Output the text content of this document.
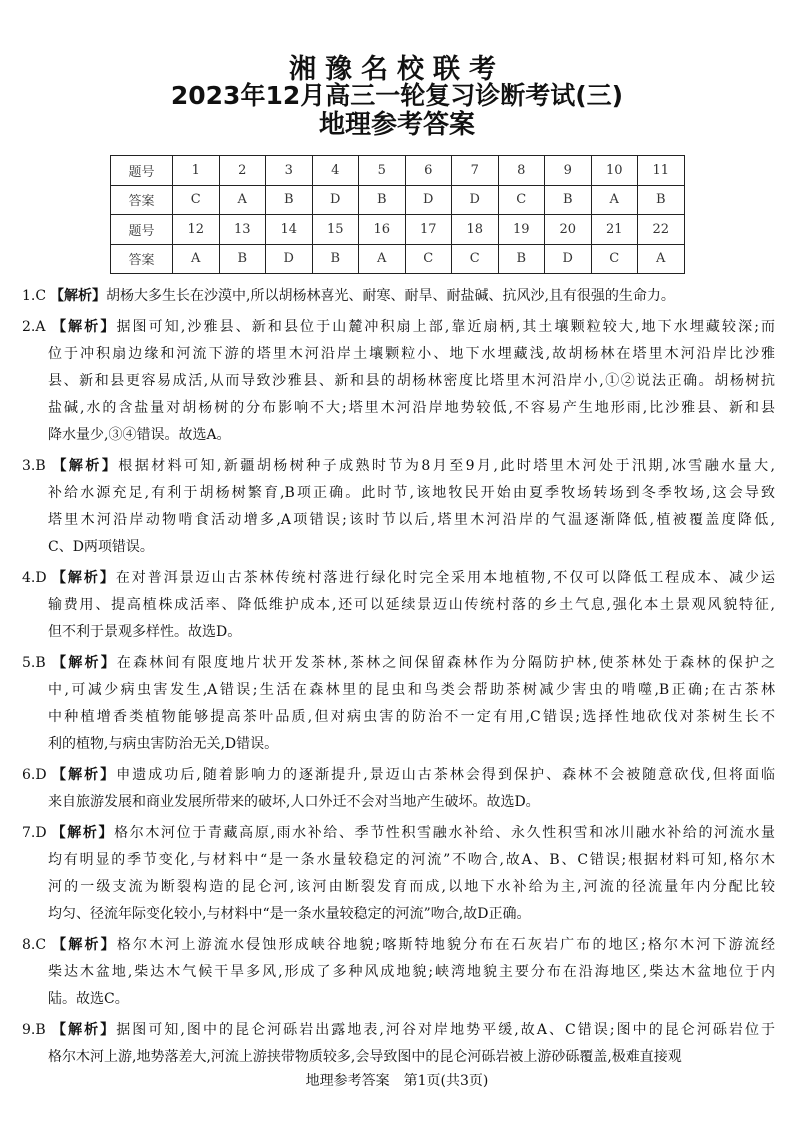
湘豫名校联考
2023年12月高三一轮复习诊断考试(三)
地理参考答案
题号	1	2	3	4	5	6	7	8	9	10	11
答案	C	A	B	D	B	D	D	C	B	A	B
题号	12	13	14	15	16	17	18	19	20	21	22
答案	A	B	D	B	A	C	C	B	D	C	A
1.C 【解析】胡杨大多生长在沙漠中,所以胡杨林喜光、耐寒、耐旱、耐盐碱、抗风沙,且有很强的生命力。
2.A 【解析】据图可知,沙雅县、新和县位于山麓冲积扇上部,靠近扇柄,其土壤颗粒较大,地下水埋藏较深;而
位于冲积扇边缘和河流下游的塔里木河沿岸土壤颗粒小、地下水埋藏浅,故胡杨林在塔里木河沿岸比沙雅
县、新和县更容易成活,从而导致沙雅县、新和县的胡杨林密度比塔里木河沿岸小,①②说法正确。胡杨树抗
盐碱,水的含盐量对胡杨树的分布影响不大;塔里木河沿岸地势较低,不容易产生地形雨,比沙雅县、新和县
降水量少,③④错误。故选A。
3.B 【解析】根据材料可知,新疆胡杨树种子成熟时节为8月至9月,此时塔里木河处于汛期,冰雪融水量大,
补给水源充足,有利于胡杨树繁育,B项正确。此时节,该地牧民开始由夏季牧场转场到冬季牧场,这会导致
塔里木河沿岸动物啃食活动增多,A项错误;该时节以后,塔里木河沿岸的气温逐渐降低,植被覆盖度降低,
C、D两项错误。
4.D 【解析】在对普洱景迈山古茶林传统村落进行绿化时完全采用本地植物,不仅可以降低工程成本、减少运
输费用、提高植株成活率、降低维护成本,还可以延续景迈山传统村落的乡土气息,强化本土景观风貌特征,
但不利于景观多样性。故选D。
5.B 【解析】在森林间有限度地片状开发茶林,茶林之间保留森林作为分隔防护林,使茶林处于森林的保护之
中,可减少病虫害发生,A错误;生活在森林里的昆虫和鸟类会帮助茶树减少害虫的啃噬,B正确;在古茶林
中种植增香类植物能够提高茶叶品质,但对病虫害的防治不一定有用,C错误;选择性地砍伐对茶树生长不
利的植物,与病虫害防治无关,D错误。
6.D 【解析】申遗成功后,随着影响力的逐渐提升,景迈山古茶林会得到保护、森林不会被随意砍伐,但将面临
来自旅游发展和商业发展所带来的破坏,人口外迁不会对当地产生破坏。故选D。
7.D 【解析】格尔木河位于青藏高原,雨水补给、季节性积雪融水补给、永久性积雪和冰川融水补给的河流水量
均有明显的季节变化,与材料中“是一条水量较稳定的河流”不吻合,故A、B、C错误;根据材料可知,格尔木
河的一级支流为断裂构造的昆仑河,该河由断裂发育而成,以地下水补给为主,河流的径流量年内分配比较
均匀、径流年际变化较小,与材料中“是一条水量较稳定的河流”吻合,故D正确。
8.C 【解析】格尔木河上游流水侵蚀形成峡谷地貌;喀斯特地貌分布在石灰岩广布的地区;格尔木河下游流经
柴达木盆地,柴达木气候干旱多风,形成了多种风成地貌;峡湾地貌主要分布在沿海地区,柴达木盆地位于内
陆。故选C。
9.B 【解析】据图可知,图中的昆仑河砾岩出露地表,河谷对岸地势平缓,故A、C错误;图中的昆仑河砾岩位于
格尔木河上游,地势落差大,河流上游挟带物质较多,会导致图中的昆仑河砾岩被上游砂砾覆盖,极难直接观
地理参考答案　第1页(共3页)
